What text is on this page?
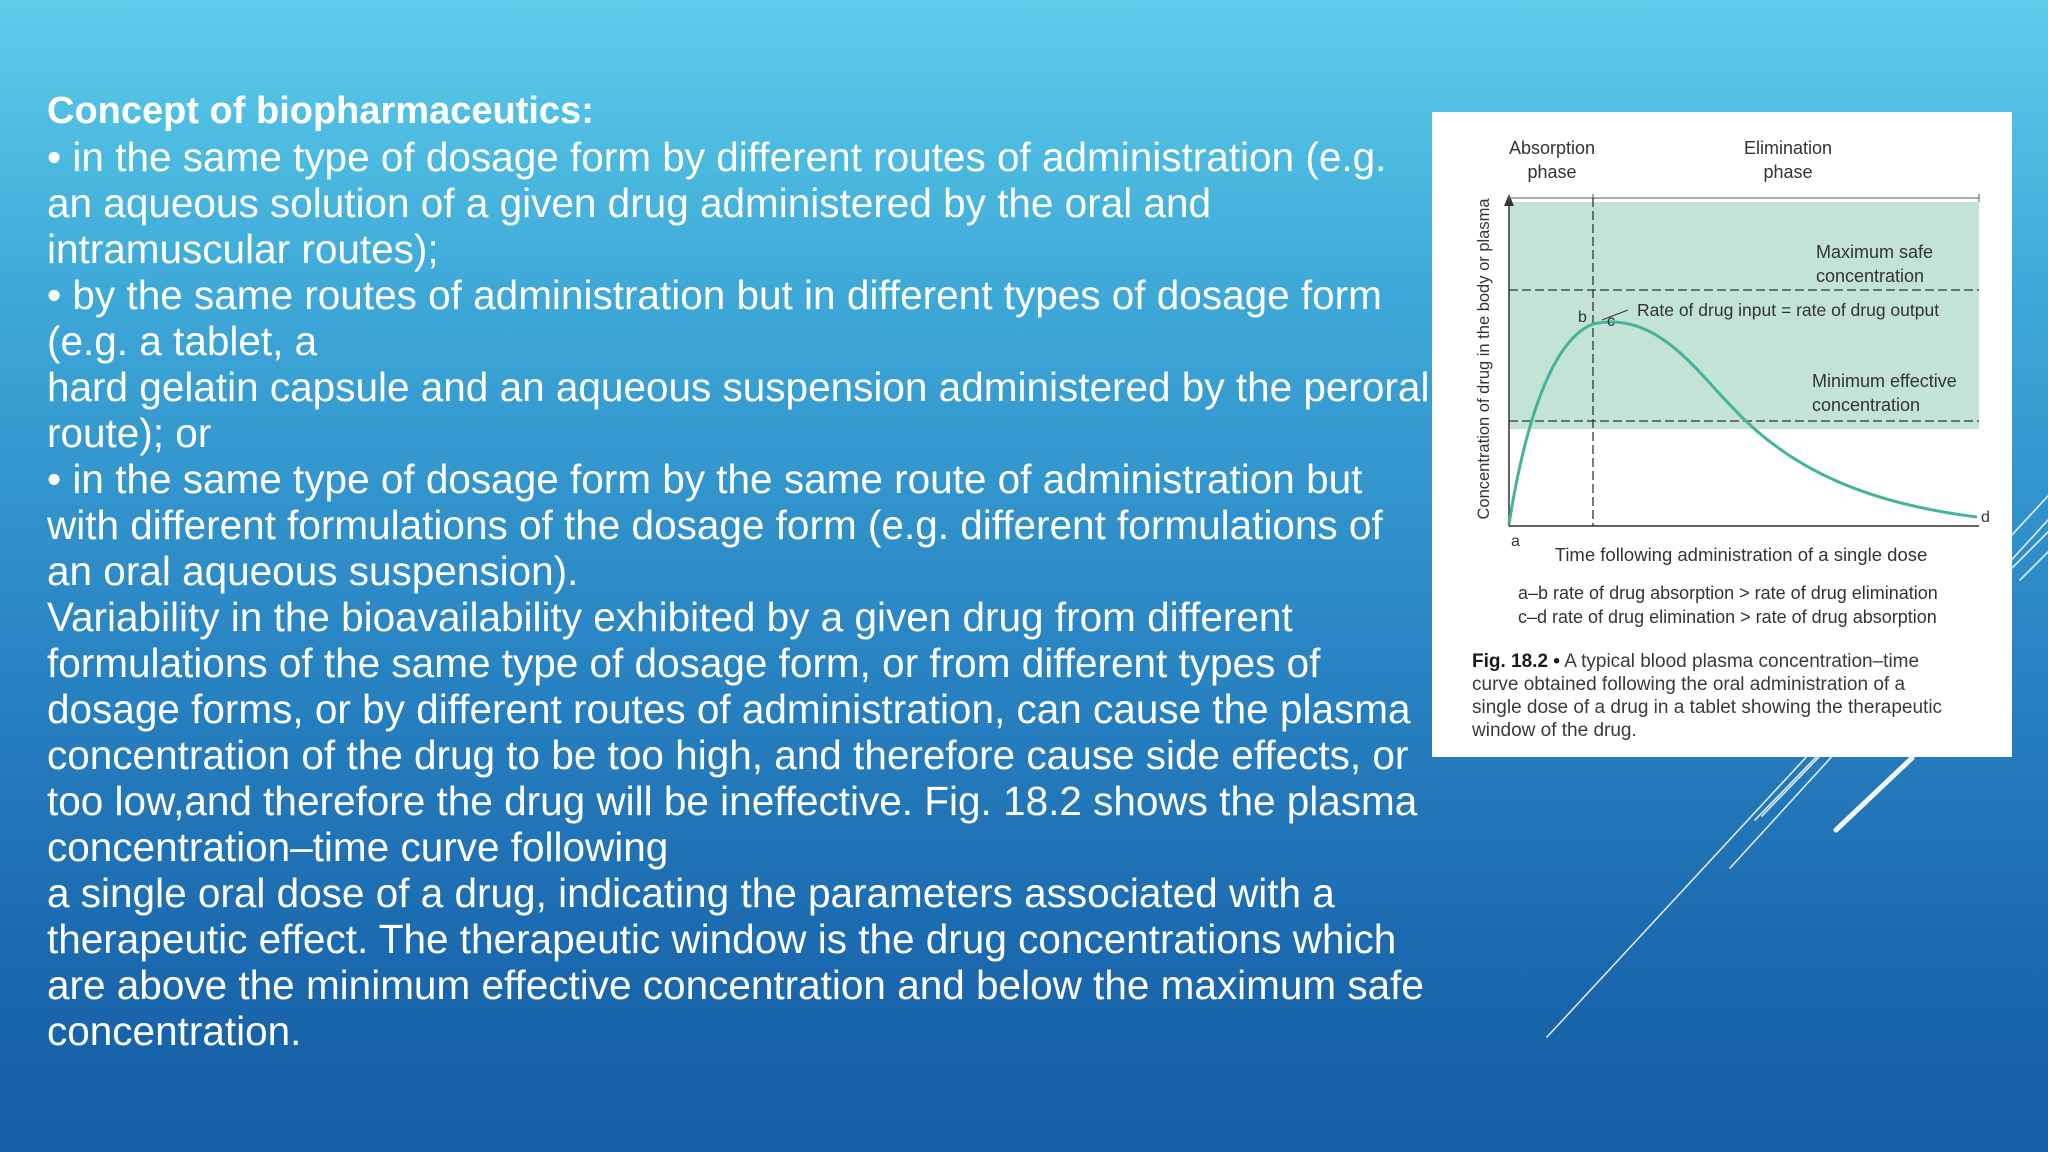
Concept of biopharmaceutics:
• in the same type of dosage form by different routes of administration (e.g.
an aqueous solution of a given drug administered by the oral and
intramuscular routes);
• by the same routes of administration but in different types of dosage form
(e.g. a tablet, a
hard gelatin capsule and an aqueous suspension administered by the peroral
route); or
• in the same type of dosage form by the same route of administration but
with different formulations of the dosage form (e.g. different formulations of
an oral aqueous suspension).
Variability in the bioavailability exhibited by a given drug from different
formulations of the same type of dosage form, or from different types of
dosage forms, or by different routes of administration, can cause the plasma
concentration of the drug to be too high, and therefore cause side effects, or
too low,and therefore the drug will be ineffective. Fig. 18.2 shows the plasma
concentration–time curve following
a single oral dose of a drug, indicating the parameters associated with a
therapeutic effect. The therapeutic window is the drug concentrations which
are above the minimum effective concentration and below the maximum safe
concentration.
Absorption
phase
Elimination
phase
Concentration of drug in the body or plasma	Maximum safe
concentration
Minimum effective
concentration
Rate of drug input = rate of drug output
a
b c
d
Time following administration of a single dose
a–b rate of drug absorption > rate of drug elimination
c–d rate of drug elimination > rate of drug absorption
Fig. 18.2 • A typical blood plasma concentration–time
curve obtained following the oral administration of a
single dose of a drug in a tablet showing the therapeutic
window of the drug.
